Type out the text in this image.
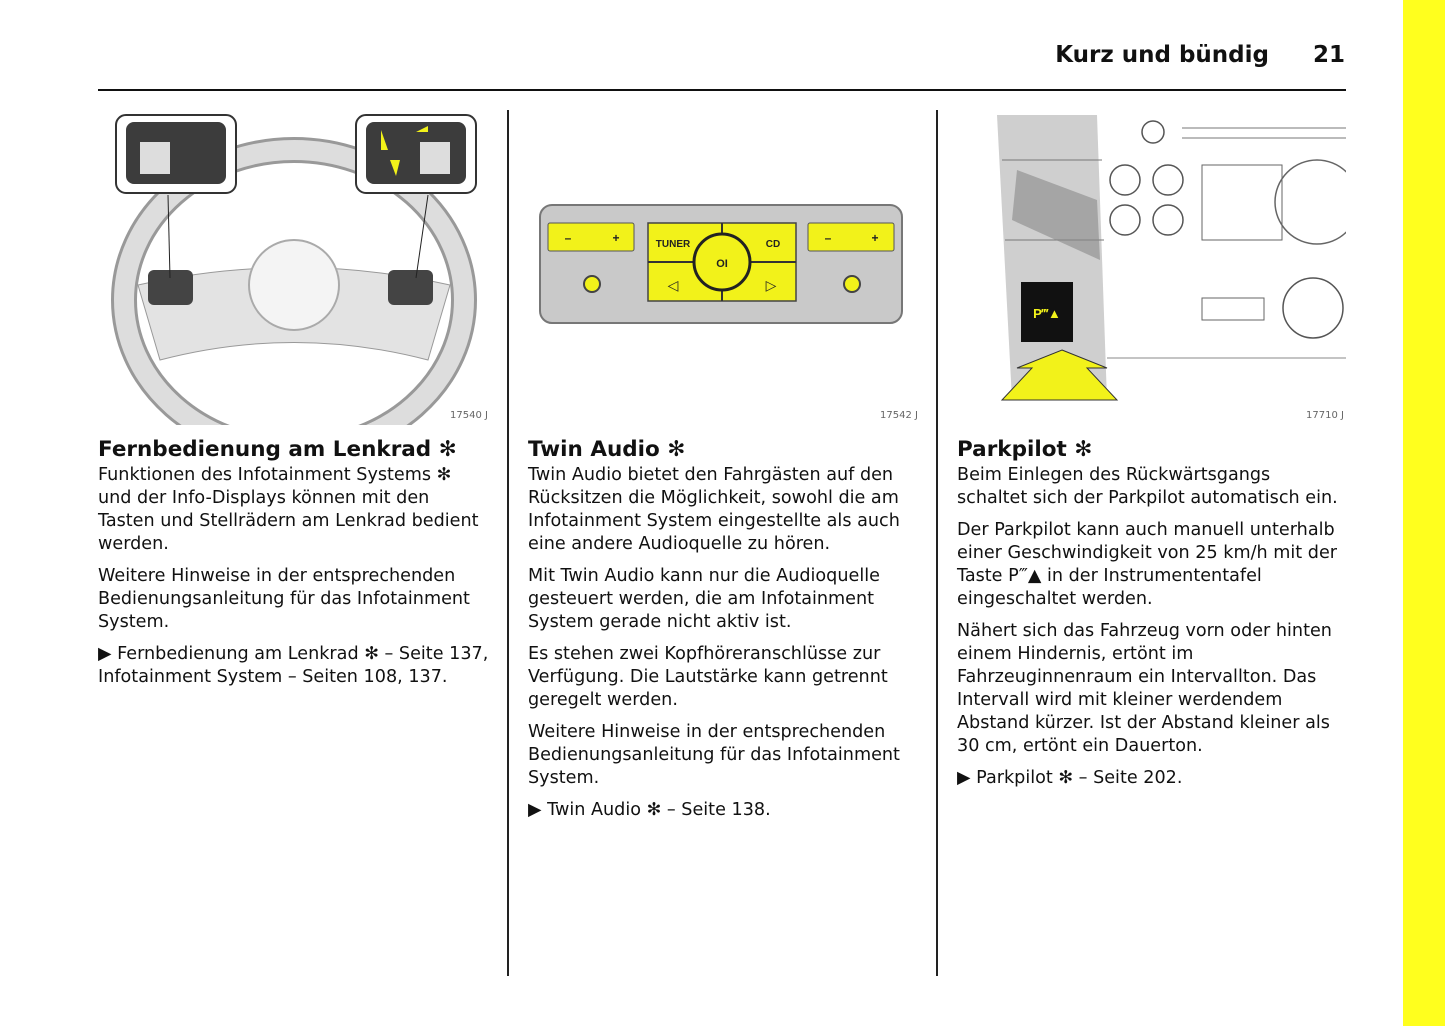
Kurz und bündig 21
17540 J
Fernbedienung am Lenkrad ✻

Funktionen des Infotainment Systems ✻ und der Info-Displays können mit den Tasten und Stellrädern am Lenkrad bedient werden.

Weitere Hinweise in der entsprechenden Bedienungsanleitung für das Infotainment System.

▶ Fernbedienung am Lenkrad ✻ – Seite 137, Infotainment System – Seiten 108, 137.

–	+	–	+
TUNER	CD
OI
◁	▷
17542 J
Twin Audio ✻

Twin Audio bietet den Fahrgästen auf den Rücksitzen die Möglichkeit, sowohl die am Infotainment System eingestellte als auch eine andere Audioquelle zu hören.

Mit Twin Audio kann nur die Audioquelle gesteuert werden, die am Infotainment System gerade nicht aktiv ist.

Es stehen zwei Kopfhöreranschlüsse zur Verfügung. Die Lautstärke kann getrennt geregelt werden.

Weitere Hinweise in der entsprechenden Bedienungsanleitung für das Infotainment System.

▶ Twin Audio ✻ – Seite 138.

P‴▲
17710 J
Parkpilot ✻

Beim Einlegen des Rückwärtsgangs schaltet sich der Parkpilot automatisch ein.

Der Parkpilot kann auch manuell unterhalb einer Geschwindigkeit von 25 km/h mit der Taste P‴▲ in der Instrumententafel eingeschaltet werden.

Nähert sich das Fahrzeug vorn oder hinten einem Hindernis, ertönt im Fahrzeuginnenraum ein Intervallton. Das Intervall wird mit kleiner werdendem Abstand kürzer. Ist der Abstand kleiner als 30 cm, ertönt ein Dauerton.

▶ Parkpilot ✻ – Seite 202.
